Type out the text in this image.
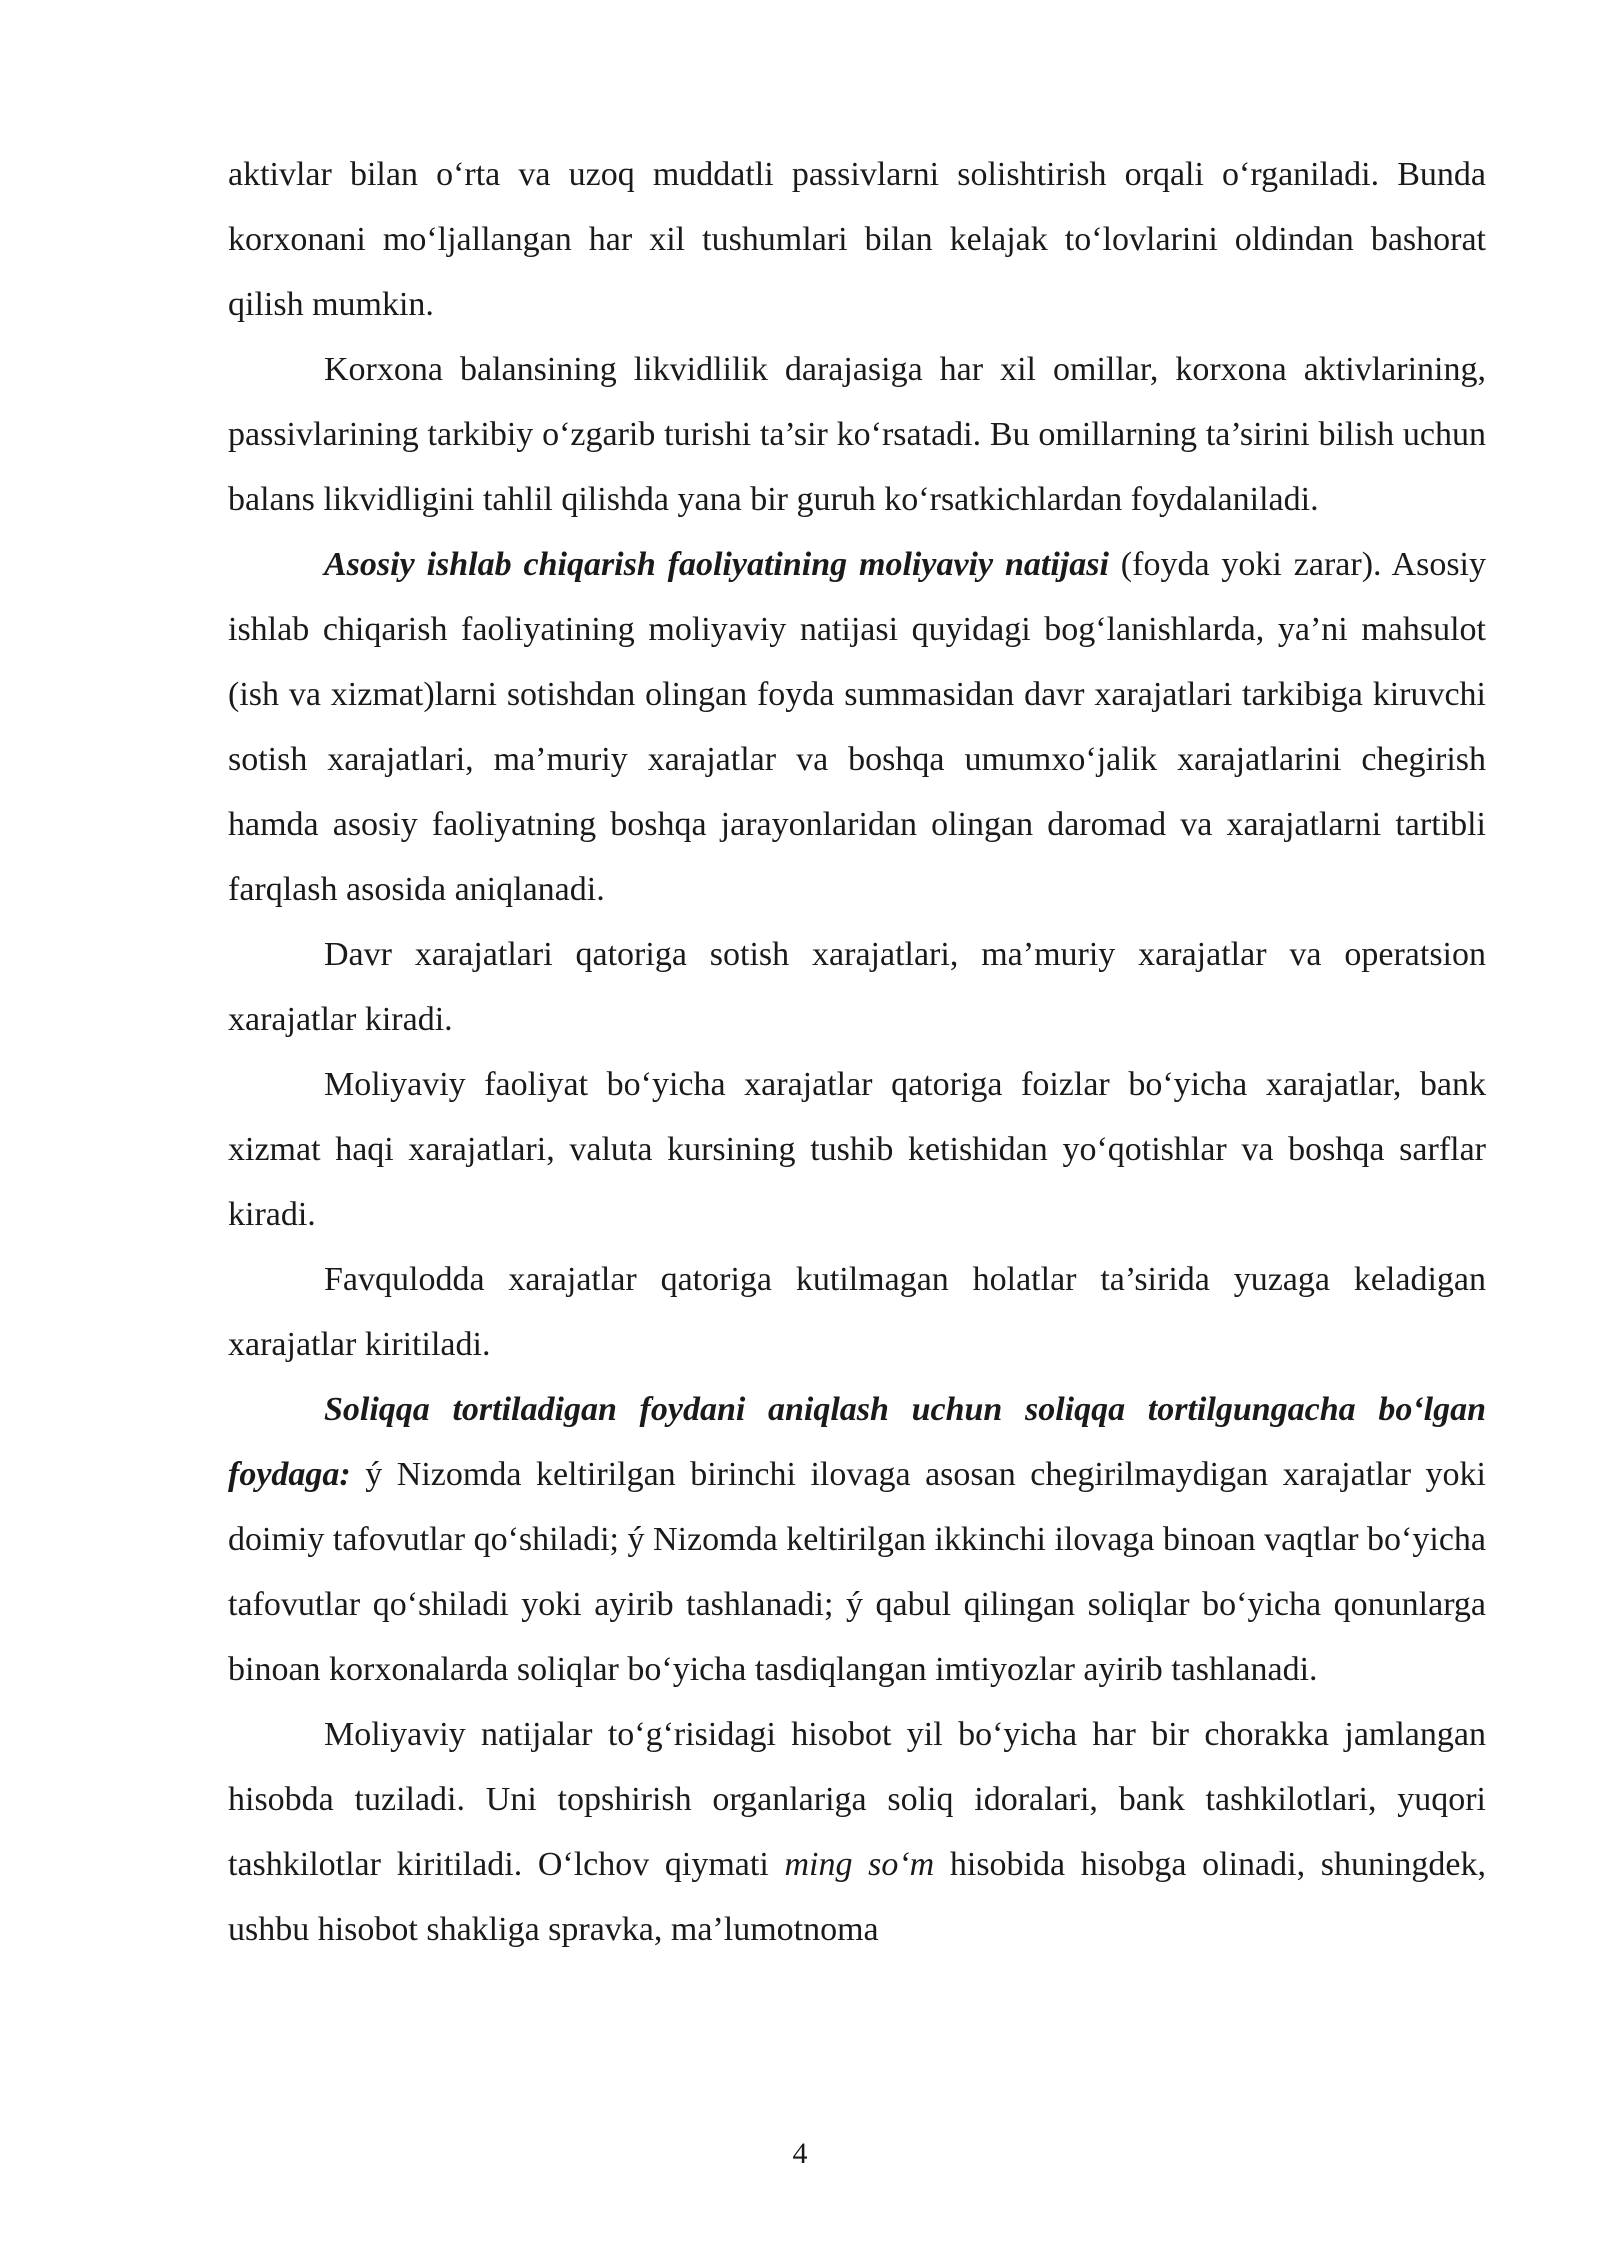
aktivlar bilan o‘rta va uzoq muddatli passivlarni solishtirish orqali o‘rganiladi. Bunda korxonani mo‘ljallangan har xil tushumlari bilan kelajak to‘lovlarini oldindan bashorat qilish mumkin.

Korxona balansining likvidlilik darajasiga har xil omillar, korxona aktivlarining, passivlarining tarkibiy o‘zgarib turishi ta’sir ko‘rsatadi. Bu omillarning ta’sirini bilish uchun balans likvidligini tahlil qilishda yana bir guruh ko‘rsatkichlardan foydalaniladi.

Asosiy ishlab chiqarish faoliyatining moliyaviy natijasi (foyda yoki zarar). Asosiy ishlab chiqarish faoliyatining moliyaviy natijasi quyidagi bog‘lanishlarda, ya’ni mahsulot (ish va xizmat)larni sotishdan olingan foyda summasidan davr xarajatlari tarkibiga kiruvchi sotish xarajatlari, ma’muriy xarajatlar va boshqa umumxo‘jalik xarajatlarini chegirish hamda asosiy faoliyatning boshqa jarayonlaridan olingan daromad va xarajatlarni tartibli farqlash asosida aniqlanadi.

Davr xarajatlari qatoriga sotish xarajatlari, ma’muriy xarajatlar va operatsion xarajatlar kiradi.

Moliyaviy faoliyat bo‘yicha xarajatlar qatoriga foizlar bo‘yicha xarajatlar, bank xizmat haqi xarajatlari, valuta kursining tushib ketishidan yo‘qotishlar va boshqa sarflar kiradi.

Favqulodda xarajatlar qatoriga kutilmagan holatlar ta’sirida yuzaga keladigan xarajatlar kiritiladi.

Soliqqa tortiladigan foydani aniqlash uchun soliqqa tortilgungacha bo‘lgan foydaga: ý Nizomda keltirilgan birinchi ilovaga asosan chegirilmaydigan xarajatlar yoki doimiy tafovutlar qo‘shiladi; ý Nizomda keltirilgan ikkinchi ilovaga binoan vaqtlar bo‘yicha tafovutlar qo‘shiladi yoki ayirib tashlanadi; ý qabul qilingan soliqlar bo‘yicha qonunlarga binoan korxonalarda soliqlar bo‘yicha tasdiqlangan imtiyozlar ayirib tashlanadi.

Moliyaviy natijalar to‘g‘risidagi hisobot yil bo‘yicha har bir chorakka jamlangan hisobda tuziladi. Uni topshirish organlariga soliq idoralari, bank tashkilotlari, yuqori tashkilotlar kiritiladi. O‘lchov qiymati ming so‘m hisobida hisobga olinadi, shuningdek, ushbu hisobot shakliga spravka, ma’lumotnoma

4
